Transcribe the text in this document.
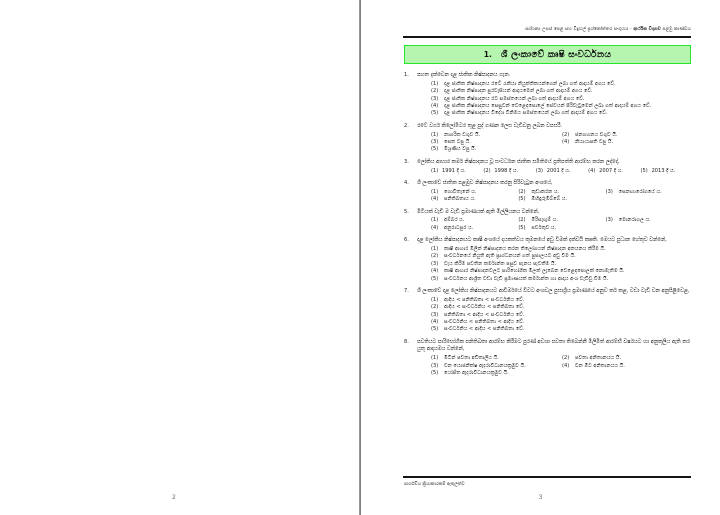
2
සාමාන්‍ය උසස් පෙළ සහ විදුහල් ප්‍රශ්නෝත්තර සංගුහය - ආර්ථික විද්‍යාව පළමු කාණ්ඩය
1. ශී ලංකාවේ කෘෂි සංවර්ධනය
1.	පහත දැක්වෙන දළ ජාතික නිෂ්පාදනය ගැන.
(1)	දළ ජාතික නිෂ්පාදනය රටේ රැකියා නියුක්තිකයන්ගෙන් ලබා ගත් ආදායම් අගය වේ.
(2)	දළ ජාතික නිෂ්පාදන පුරවැසියන් ආදායමෙන් ලබා ගත් ආදායම් අගය වේ.
(3)	දළ ජාතික නිෂ්පාදනය රට සමස්තයෙන් ලබා ගත් ආදායම් අගය වේ.
(4)	දළ ජාතික නිෂ්පාදනය සෙසුවන් වෙළෙඳපොලේ සේවයන් පිරිවැටුමෙන් ලබා ගත් ආදායම් අගය වේ.
(5)	දළ ජාතික නිෂ්පාදනය විදේශ විනිමය සමස්තයෙන් ලබා ගත් ආදායම් අගය වේ.
2.	රටේ වර්ග කිලෝමීටර තුළ පුද් ගණන ලෙස වැඩිවනු ලබන වපසරී.
(1)	නාගරික වගුව යි.	(2)	ජනගහනය වගුව යි.
(3)	සෙත වපු යි.	(4)	නියායාපති වපු යි.
(5)	මිශ්‍රණිය වපු යි.
3.	ලෝකිය ආහාර කර්ම නිෂ්පාදනය වූ සංවර්ධන ජාතික සමිතියේ ප්‍රතිපත්ති ආරම්භ කරන ලද්දේ,
(1) 1991 දී ය.	(2) 1998 දී ය.	(3) 2001 දී ය.	(4) 2007 දී ය.	(5) 2013 දී ය.
4.	ශී ලංකාවේ ජාතික පළමුව නිෂ්පාදනය කරනු පිරිවැටුන අංශයේ,
(1)	ගොවිතැනේ ය.	(2)	කුඩාකරන ය.	(3)	සෙනඟාරෝගයේ ය.
(4)	පනිතිබතාය ය.	(5)	මිහිඳුරුමිබ්බේ ය.
5.	මිටියක් වැඩි ම වැඩි ප්‍රමාණයක් ඇති මිල්ලියනය වන්නේ,
(1)	අම්බර ය.	(2)	මිරිසැඟුම් ය.	(3)	මොනරාගල ය.
(4)	අනුරාධපුර ය.	(5)	පර්වතුව ය.
6.	දළ ලෝකිය නිෂ්පාදනයට කෘෂි අංශයේ දායකත්වය කුමනයේ අඩු වීමක් දක්වයි කෲති. මෙයට පුධාන හේතුව වන්නේ,
(1)	කෘෂි ආහාර මිලින් නිෂ්පාදනය කරන තිලෝගයන් නිෂ්පාදන අනයනය කිරීම යි.
(2)	සංවර්ධනයේ නියුති ඇති ප්‍රාග්ධනයන් ගත් පුපාලයට අඩු වීම යි.
(3)	වැය කිරීම පවතින කර්මාන්ත පසුව පැනය පැවතීම යි.
(4)	කෘෂි ආහාර නිෂ්පාදනවලට පාරිභෝගික මිලක් ලැබෙන වෙළෙඳපොලක් නොමැතිම යි.
(5)	සංවර්ධනය ආශ්‍රිත වඩා වැඩි ප්‍රමාණයක් කර්මාන්ත හා ආදාය අංශ වැඩිවු වීම යි.
7.	ශී ලංකාවේ දළ ලෝකිය නිෂ්පාදනයට ආවිර්මයේ වීවට අංශවල පුසාශ්‍රිය ප්‍රමාණයේ අනුව කර් කළ, වඩා වැඩි වන අනුපිළිවෙළ,
(1)	ආදිය < පනිතිබතා < සංවර්ධනිය වේ.
(2)	ආදිය < සංවර්ධනිය < පනිතිබතා වේ.
(3)	පනිතිබතා < ආදිය < සංවර්ධනිය වේ.
(4)	සංවර්ධනිය < පනිතිබතා < ආදිය වේ.
(5)	සංවර්ධනිය < ආදිය < පනිතිබතා වේ.
8.	පවතියට පාරිභෝගික පනිතිබතා ආරම්භ කිරීමට පුරණ් අවශා පවතා තිබෙන්නී මිලිමිත් ආරම්භී වර්ෂයට හා අනුකුලිය ඇති කර යුතු ආදායමය වන්නේ,
(1)	මිටින් පවතා අඩිතාලිය යි.	(2)	පවතා අනිතානයය යි.
(3)	වන යොජනික්ෂ ඇදරාවිධානයක්‍රමුව යි.	(4)	වන මිට අනිතානයය යි.
(5)	යෝජිත ඇදරාවිධානයක්‍රමුව යි.
පාර්ශ්වීය ක්‍රියාකාරකම් ඇතුලත්ව
3
